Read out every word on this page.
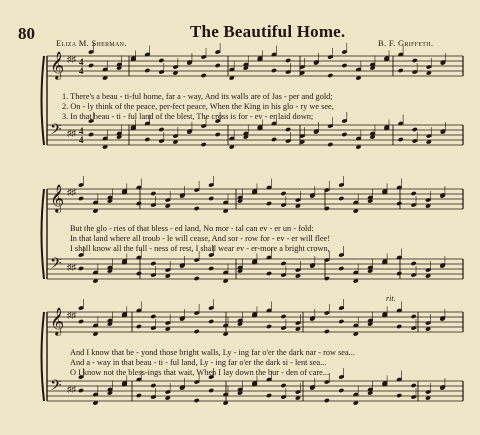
80	The Beautiful Home.
Eliza M. Sherman.	B. F. Griffeth.
rit.
𝄞 ♯♯ 4
4
𝄢 ♯♯ 4
4
𝄞 ♯♯
𝄢 ♯♯
𝄞 ♯♯
𝄢 ♯♯
1. There's a beau - ti-ful home, far a - way, And its walls are of Jas - per and gold;
2. On - ly think of the peace, per-fect peace, When the King in his glo - ry we see,
3. In that beau - ti - ful land of the blest, The cross is for - ev - er laid down;
But the glo - ries of that bless - ed land, No mor - tal can ev - er un - fold:
In that land where all troub - le will cease, And sor - row for - ev - er will flee!
I shall know all the full - ness of rest, I shall wear ev - er-more a bright crown,
And I know that be - yond those bright walls, Ly - ing far o'er the dark nar - row sea...
And a - way in that beau - ti - ful land, Ly - ing far o'er the dark si - lent sea...
O I know not the bless-ings that wait, When I lay down the bur - den of care...
